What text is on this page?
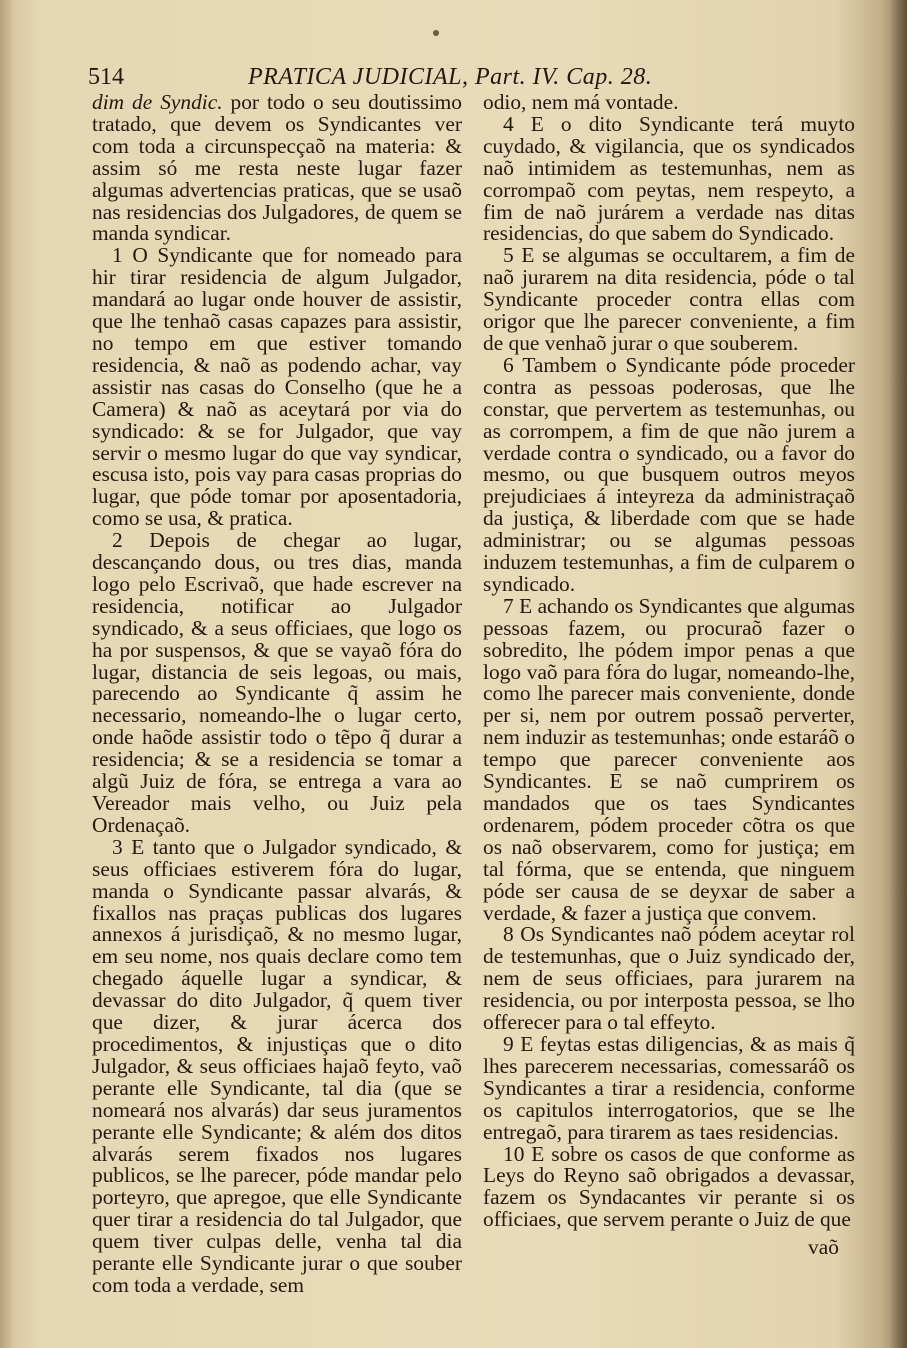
514	PRATICA JUDICIAL, Part. IV. Cap. 28.

dim de Syndic. por todo o seu doutissimo tratado, que devem os Syndicantes ver com toda a circunspecçaõ na materia: & assim só me resta neste lugar fazer algumas advertencias praticas, que se usaõ nas residencias dos Julgadores, de quem se manda syndicar.

1 O Syndicante que for nomeado para hir tirar residencia de algum Julgador, mandará ao lugar onde houver de assistir, que lhe tenhaõ casas capazes para assistir, no tempo em que estiver tomando residencia, & naõ as podendo achar, vay assistir nas casas do Conselho (que he a Camera) & naõ as aceytará por via do syndicado: & se for Julgador, que vay servir o mesmo lugar do que vay syndicar, escusa isto, pois vay para casas proprias do lugar, que póde tomar por aposentadoria, como se usa, & pratica.

2 Depois de chegar ao lugar, descançando dous, ou tres dias, manda logo pelo Escrivaõ, que hade escrever na residencia, notificar ao Julgador syndicado, & a seus officiaes, que logo os ha por suspensos, & que se vayaõ fóra do lugar, distancia de seis legoas, ou mais, parecendo ao Syndicante q̃ assim he necessario, nomeando-lhe o lugar certo, onde haõde assistir todo o tẽpo q̃ durar a residencia; & se a residencia se tomar a algũ Juiz de fóra, se entrega a vara ao Vereador mais velho, ou Juiz pela Ordenaçaõ.

3 E tanto que o Julgador syndicado, & seus officiaes estiverem fóra do lugar, manda o Syndicante passar alvarás, & fixallos nas praças publicas dos lugares annexos á jurisdiçaõ, & no mesmo lugar, em seu nome, nos quais declare como tem chegado áquelle lugar a syndicar, & devassar do dito Julgador, q̃ quem tiver que dizer, & jurar ácerca dos procedimentos, & injustiças que o dito Julgador, & seus officiaes hajaõ feyto, vaõ perante elle Syndicante, tal dia (que se nomeará nos alvarás) dar seus juramentos perante elle Syndicante; & além dos ditos alvarás serem fixados nos lugares publicos, se lhe parecer, póde mandar pelo porteyro, que apregoe, que elle Syndicante quer tirar a residencia do tal Julgador, que quem tiver culpas delle, venha tal dia perante elle Syndicante jurar o que souber com toda a verdade, sem

odio, nem má vontade.

4 E o dito Syndicante terá muyto cuydado, & vigilancia, que os syndicados naõ intimidem as testemunhas, nem as corrompaõ com peytas, nem respeyto, a fim de naõ jurárem a verdade nas ditas residencias, do que sabem do Syndicado.

5 E se algumas se occultarem, a fim de naõ jurarem na dita residencia, póde o tal Syndicante proceder contra ellas com origor que lhe parecer conveniente, a fim de que venhaõ jurar o que souberem.

6 Tambem o Syndicante póde proceder contra as pessoas poderosas, que lhe constar, que pervertem as testemunhas, ou as corrompem, a fim de que não jurem a verdade contra o syndicado, ou a favor do mesmo, ou que busquem outros meyos prejudiciaes á inteyreza da administraçaõ da justiça, & liberdade com que se hade administrar; ou se algumas pessoas induzem testemunhas, a fim de culparem o syndicado.

7 E achando os Syndicantes que algumas pessoas fazem, ou procuraõ fazer o sobredito, lhe pódem impor penas a que logo vaõ para fóra do lugar, nomeando-lhe, como lhe parecer mais conveniente, donde per si, nem por outrem possaõ perverter, nem induzir as testemunhas; onde estaráõ o tempo que parecer conveniente aos Syndicantes. E se naõ cumprirem os mandados que os taes Syndicantes ordenarem, pódem proceder cõtra os que os naõ observarem, como for justiça; em tal fórma, que se entenda, que ninguem póde ser causa de se deyxar de saber a verdade, & fazer a justiça que convem.

8 Os Syndicantes naõ pódem aceytar rol de testemunhas, que o Juiz syndicado der, nem de seus officiaes, para jurarem na residencia, ou por interposta pessoa, se lho offerecer para o tal effeyto.

9 E feytas estas diligencias, & as mais q̃ lhes parecerem necessarias, comessaráõ os Syndicantes a tirar a residencia, conforme os capitulos interrogatorios, que se lhe entregaõ, para tirarem as taes residencias.

10 E sobre os casos de que conforme as Leys do Reyno saõ obrigados a devassar, fazem os Syndacantes vir perante si os officiaes, que servem perante o Juiz de que

vaõ
